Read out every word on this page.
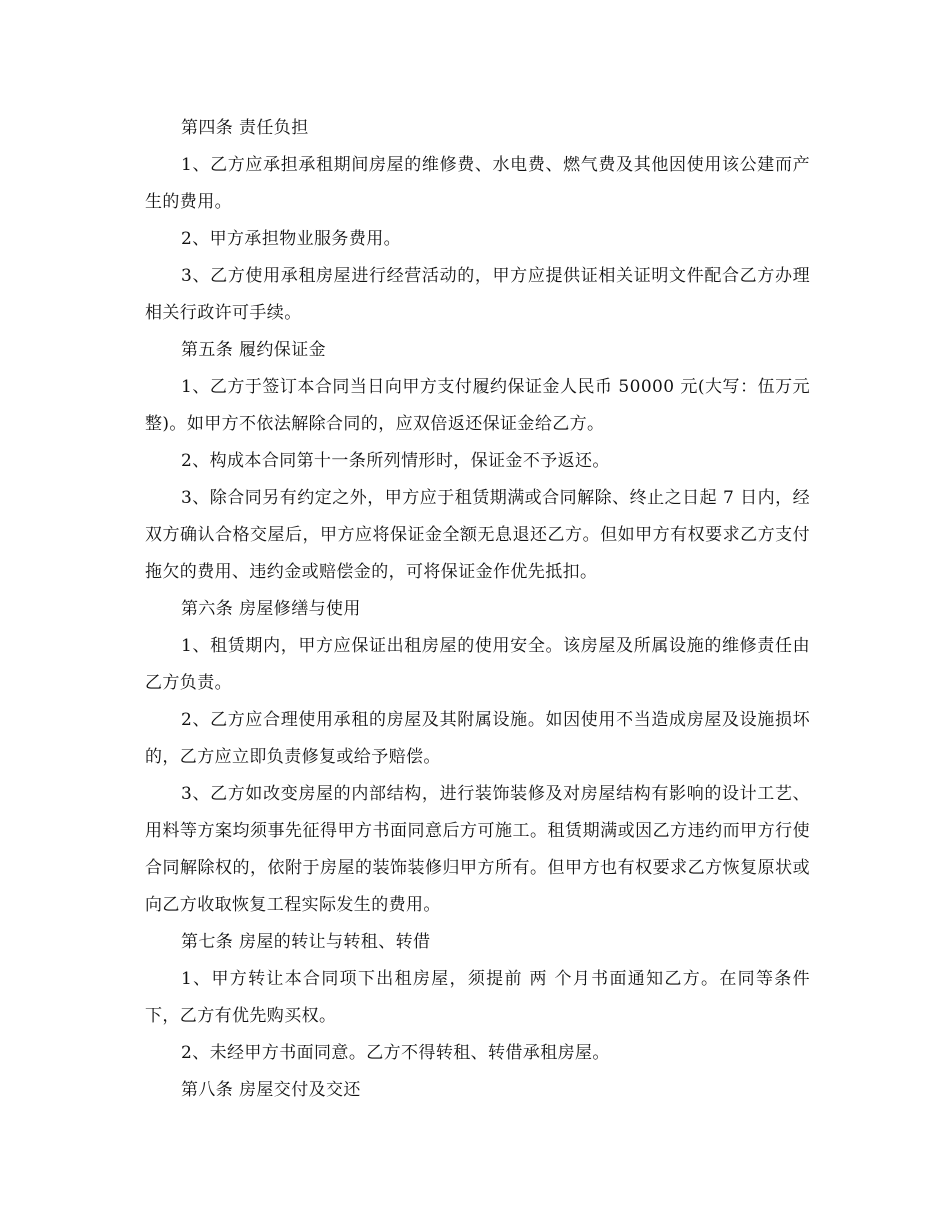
第四条 责任负担

1、乙方应承担承租期间房屋的维修费、水电费、燃气费及其他因使用该公建而产生的费用。

2、甲方承担物业服务费用。

3、乙方使用承租房屋进行经营活动的，甲方应提供证相关证明文件配合乙方办理相关行政许可手续。

第五条 履约保证金

1、乙方于签订本合同当日向甲方支付履约保证金人民币 50000 元(大写：伍万元整)。如甲方不依法解除合同的，应双倍返还保证金给乙方。

2、构成本合同第十一条所列情形时，保证金不予返还。

3、除合同另有约定之外，甲方应于租赁期满或合同解除、终止之日起 7 日内，经双方确认合格交屋后，甲方应将保证金全额无息退还乙方。但如甲方有权要求乙方支付拖欠的费用、违约金或赔偿金的，可将保证金作优先抵扣。

第六条 房屋修缮与使用

1、租赁期内，甲方应保证出租房屋的使用安全。该房屋及所属设施的维修责任由乙方负责。

2、乙方应合理使用承租的房屋及其附属设施。如因使用不当造成房屋及设施损坏的，乙方应立即负责修复或给予赔偿。

3、乙方如改变房屋的内部结构，进行装饰装修及对房屋结构有影响的设计工艺、用料等方案均须事先征得甲方书面同意后方可施工。租赁期满或因乙方违约而甲方行使合同解除权的，依附于房屋的装饰装修归甲方所有。但甲方也有权要求乙方恢复原状或向乙方收取恢复工程实际发生的费用。

第七条 房屋的转让与转租、转借

1、甲方转让本合同项下出租房屋，须提前 两 个月书面通知乙方。在同等条件下，乙方有优先购买权。

2、未经甲方书面同意。乙方不得转租、转借承租房屋。

第八条 房屋交付及交还
